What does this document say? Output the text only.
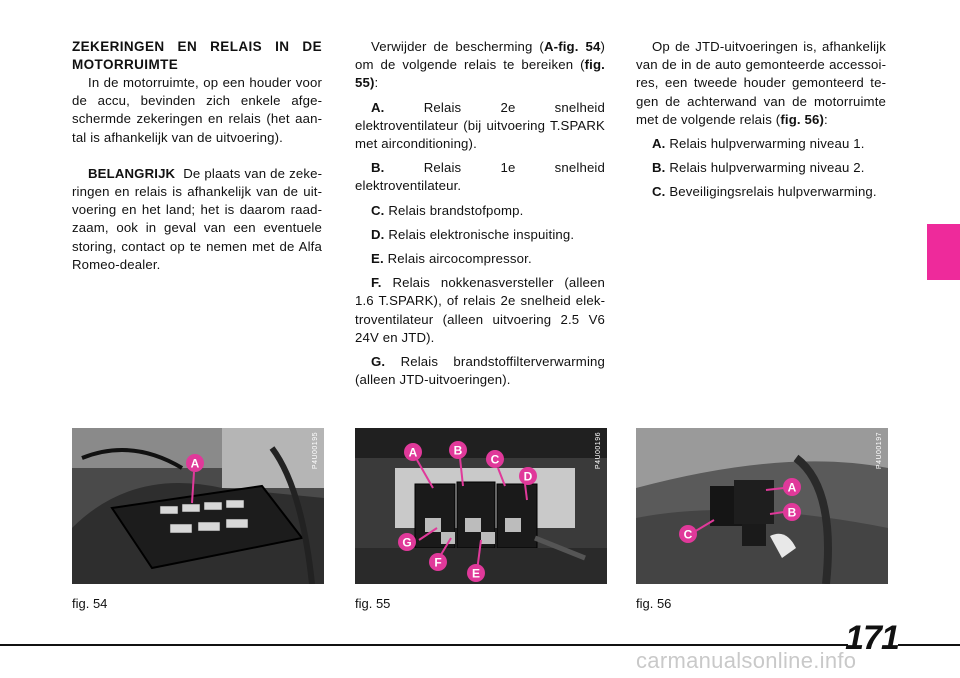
ZEKERINGEN EN RELAIS IN DE MOTORRUIMTE

In de motorruimte, op een houder voor de accu, bevinden zich enkele afgeschermde zekeringen en relais (het aantal is afhankelijk van de uitvoering).

BELANGRIJK De plaats van de zekeringen en relais is afhankelijk van de uitvoering en het land; het is daarom raadzaam, ook in geval van een eventuele storing, contact op te nemen met de Alfa Romeo-dealer.

Verwijder de bescherming (A-fig. 54) om de volgende relais te bereiken (fig. 55):

A.	Relais 2e snelheid elektroventilateur (bij uitvoering T.SPARK met airconditioning).

B.	Relais 1e snelheid elektroventilateur.

C. Relais brandstofpomp.

D. Relais elektronische inspuiting.

E. Relais aircocompressor.

F. Relais nokkenasversteller (alleen 1.6 T.SPARK), of relais 2e snelheid elektroventilateur (alleen uitvoering 2.5 V6 24V en JTD).

G. Relais brandstoffilterverwarming (alleen JTD-uitvoeringen).

Op de JTD-uitvoeringen is, afhankelijk van de in de auto gemonteerde accessoires, een tweede houder gemonteerd tegen de achterwand van de motorruimte met de volgende relais (fig. 56):

A. Relais hulpverwarming niveau 1.

B. Relais hulpverwarming niveau 2.

C. Beveiligingsrelais hulpverwarming.

A	P4U00195
fig. 54
A	B
C
D
E
F
G
P4U00196
fig. 55
A
B
C
P4U00197
fig. 56
171
carmanualsonline.info
